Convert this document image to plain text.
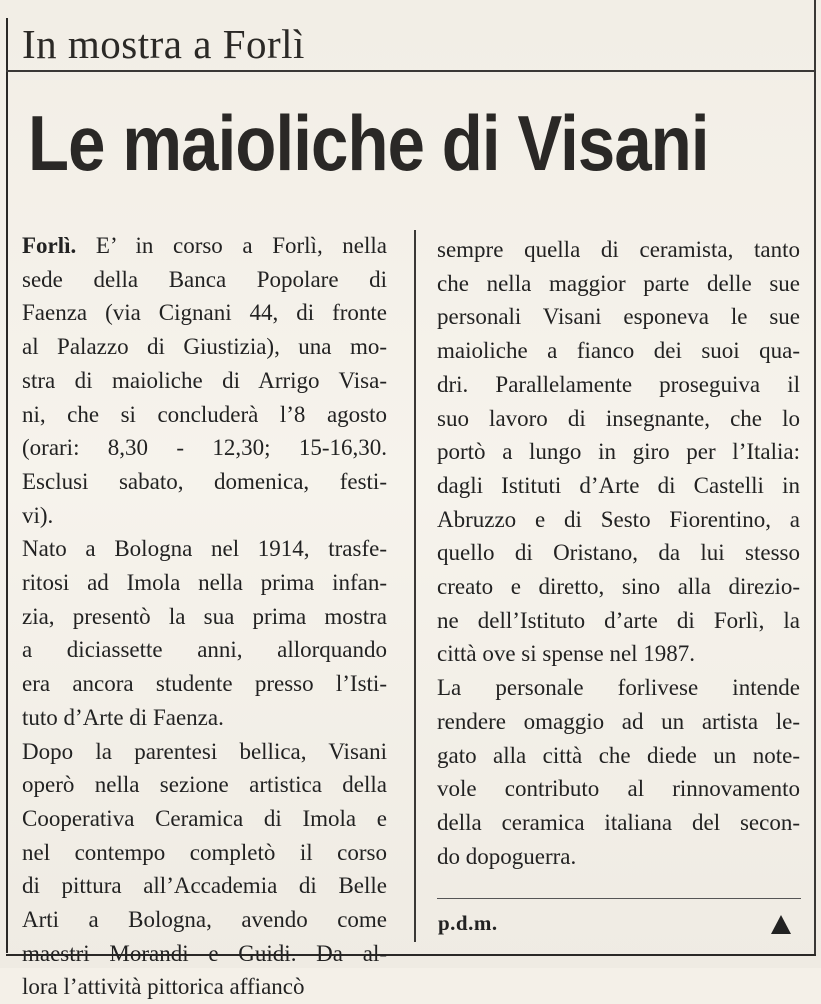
In mostra a Forlì
Le maioliche di Visani

Forlì. E’ in corso a Forlì, nella
sede della Banca Popolare di
Faenza (via Cignani 44, di fronte
al Palazzo di Giustizia), una mo-
stra di maioliche di Arrigo Visa-
ni, che si concluderà l’8 agosto
(orari: 8,30 - 12,30; 15-16,30.
Esclusi sabato, domenica, festi-
vi).

Nato a Bologna nel 1914, trasfe-
ritosi ad Imola nella prima infan-
zia, presentò la sua prima mostra
a diciassette anni, allorquando
era ancora studente presso l’Isti-
tuto d’Arte di Faenza.

Dopo la parentesi bellica, Visani
operò nella sezione artistica della
Cooperativa Ceramica di Imola e
nel contempo completò il corso
di pittura all’Accademia di Belle
Arti a Bologna, avendo come
maestri Morandi e Guidi. Da al-
lora l’attività pittorica affiancò

sempre quella di ceramista, tanto
che nella maggior parte delle sue
personali Visani esponeva le sue
maioliche a fianco dei suoi qua-
dri. Parallelamente proseguiva il
suo lavoro di insegnante, che lo
portò a lungo in giro per l’Italia:
dagli Istituti d’Arte di Castelli in
Abruzzo e di Sesto Fiorentino, a
quello di Oristano, da lui stesso
creato e diretto, sino alla direzio-
ne dell’Istituto d’arte di Forlì, la
città ove si spense nel 1987.

La personale forlivese intende
rendere omaggio ad un artista le-
gato alla città che diede un note-
vole contributo al rinnovamento
della ceramica italiana del secon-
do dopoguerra.

p.d.m.
